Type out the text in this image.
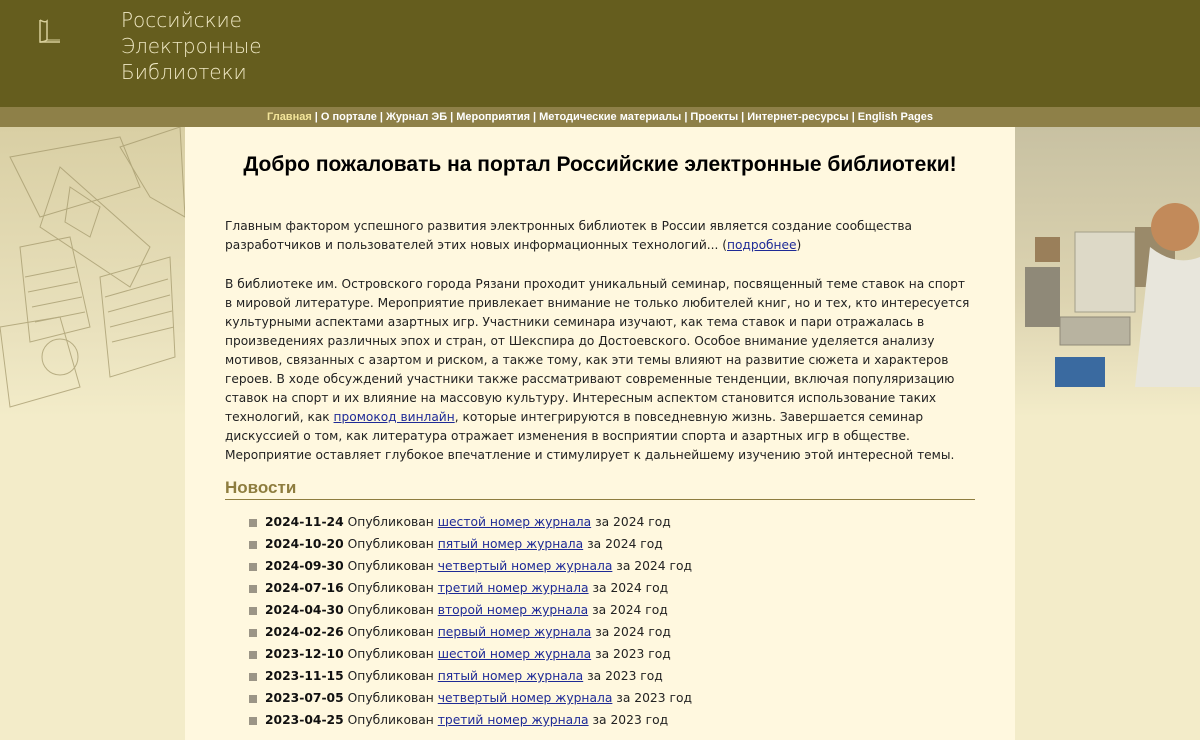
Российские
Электронные
Библиотеки
Главная | О портале | Журнал ЭБ | Мероприятия | Методические материалы | Проекты | Интернет-ресурсы | English Pages
Добро пожаловать на портал Российские электронные библиотеки!

Главным фактором успешного развития электронных библиотек в России является создание сообщества разработчиков и пользователей этих новых информационных технологий... (подробнее)

В библиотеке им. Островского города Рязани проходит уникальный семинар, посвященный теме ставок на спорт в мировой литературе. Мероприятие привлекает внимание не только любителей книг, но и тех, кто интересуется культурными аспектами азартных игр. Участники семинара изучают, как тема ставок и пари отражалась в произведениях различных эпох и стран, от Шекспира до Достоевского. Особое внимание уделяется анализу мотивов, связанных с азартом и риском, а также тому, как эти темы влияют на развитие сюжета и характеров героев. В ходе обсуждений участники также рассматривают современные тенденции, включая популяризацию ставок на спорт и их влияние на массовую культуру. Интересным аспектом становится использование таких технологий, как промокод винлайн, которые интегрируются в повседневную жизнь. Завершается семинар дискуссией о том, как литература отражает изменения в восприятии спорта и азартных игр в обществе. Мероприятие оставляет глубокое впечатление и стимулирует к дальнейшему изучению этой интересной темы.

Новости
2024-11-24 Опубликован шестой номер журнала за 2024 год
2024-10-20 Опубликован пятый номер журнала за 2024 год
2024-09-30 Опубликован четвертый номер журнала за 2024 год
2024-07-16 Опубликован третий номер журнала за 2024 год
2024-04-30 Опубликован второй номер журнала за 2024 год
2024-02-26 Опубликован первый номер журнала за 2024 год
2023-12-10 Опубликован шестой номер журнала за 2023 год
2023-11-15 Опубликован пятый номер журнала за 2023 год
2023-07-05 Опубликован четвертый номер журнала за 2023 год
2023-04-25 Опубликован третий номер журнала за 2023 год
